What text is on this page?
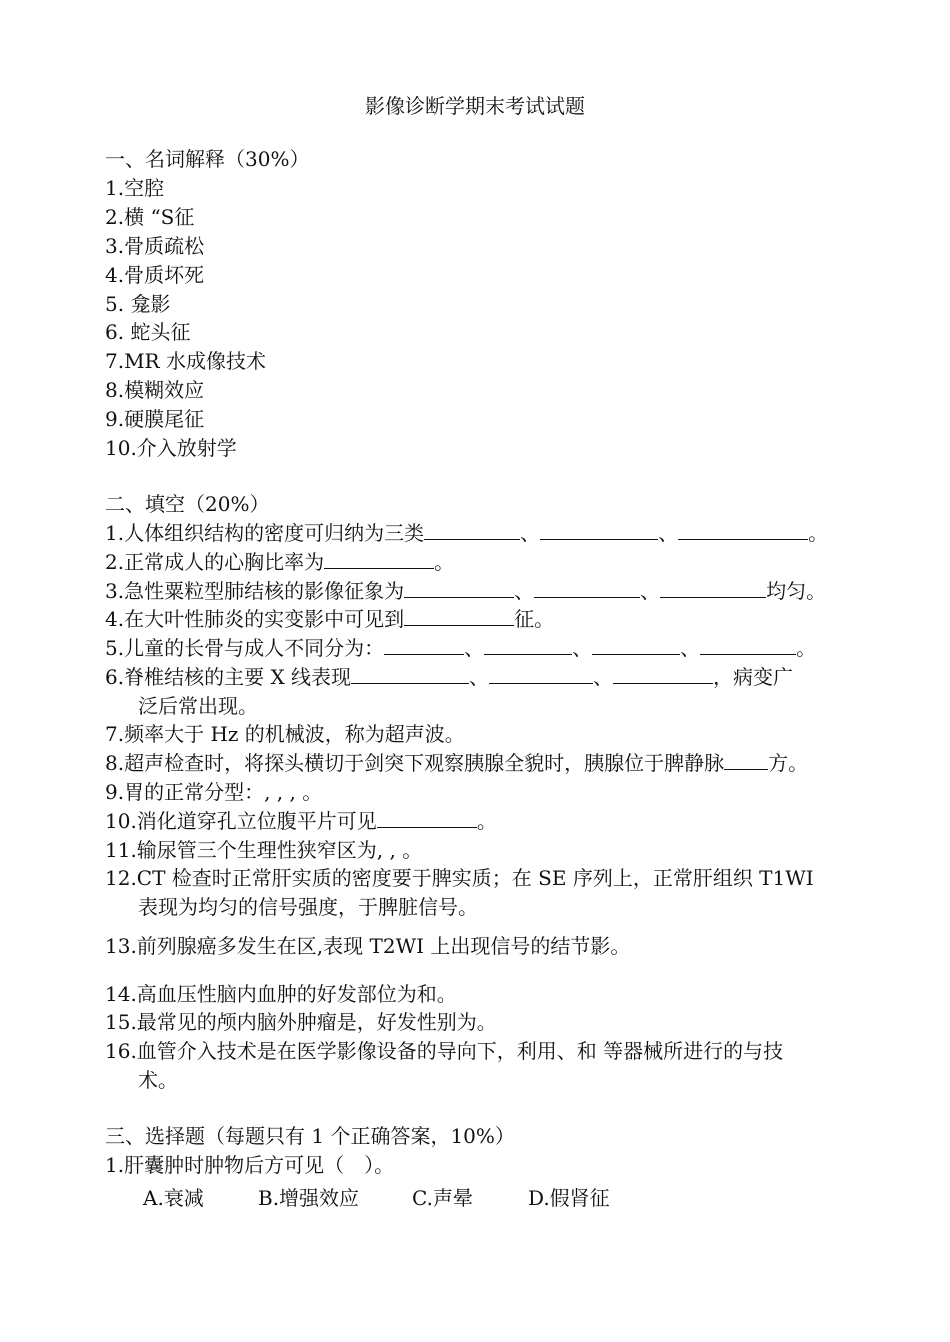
影像诊断学期末考试试题
一、名词解释（30%）
1.空腔
2.横 “S征
3.骨质疏松
4.骨质坏死
5. 龛影
6. 蛇头征
7.MR 水成像技术
8.模糊效应
9.硬膜尾征
10.介入放射学
二、填空（20%）
1.人体组织结构的密度可归纳为三类	、	、	。
2.正常成人的心胸比率为	。
3.急性粟粒型肺结核的影像征象为	、	、	均匀。
4.在大叶性肺炎的实变影中可见到	征。
5.儿童的长骨与成人不同分为：	、	、	、	。
6.脊椎结核的主要 X 线表现	、	、	，病变广
泛后常出现。
7.频率大于 Hz 的机械波，称为超声波。
8.超声检查时，将探头横切于剑突下观察胰腺全貌时，胰腺位于脾静脉 方。
9.胃的正常分型：, , , 。
10.消化道穿孔立位腹平片可见	。
11.输尿管三个生理性狭窄区为, , 。
12.CT 检查时正常肝实质的密度要于脾实质；在 SE 序列上，正常肝组织 T1WI
表现为均匀的信号强度，于脾脏信号。
13.前列腺癌多发生在区,表现 T2WI 上出现信号的结节影。
14.高血压性脑内血肿的好发部位为和。
15.最常见的颅内脑外肿瘤是，好发性别为。
16.血管介入技术是在医学影像设备的导向下，利用、和 等器械所进行的与技
术。
三、选择题（每题只有 1 个正确答案，10%）
1.肝囊肿时肿物后方可见（　）。
A.衰减	B.增强效应	C.声晕	D.假肾征
